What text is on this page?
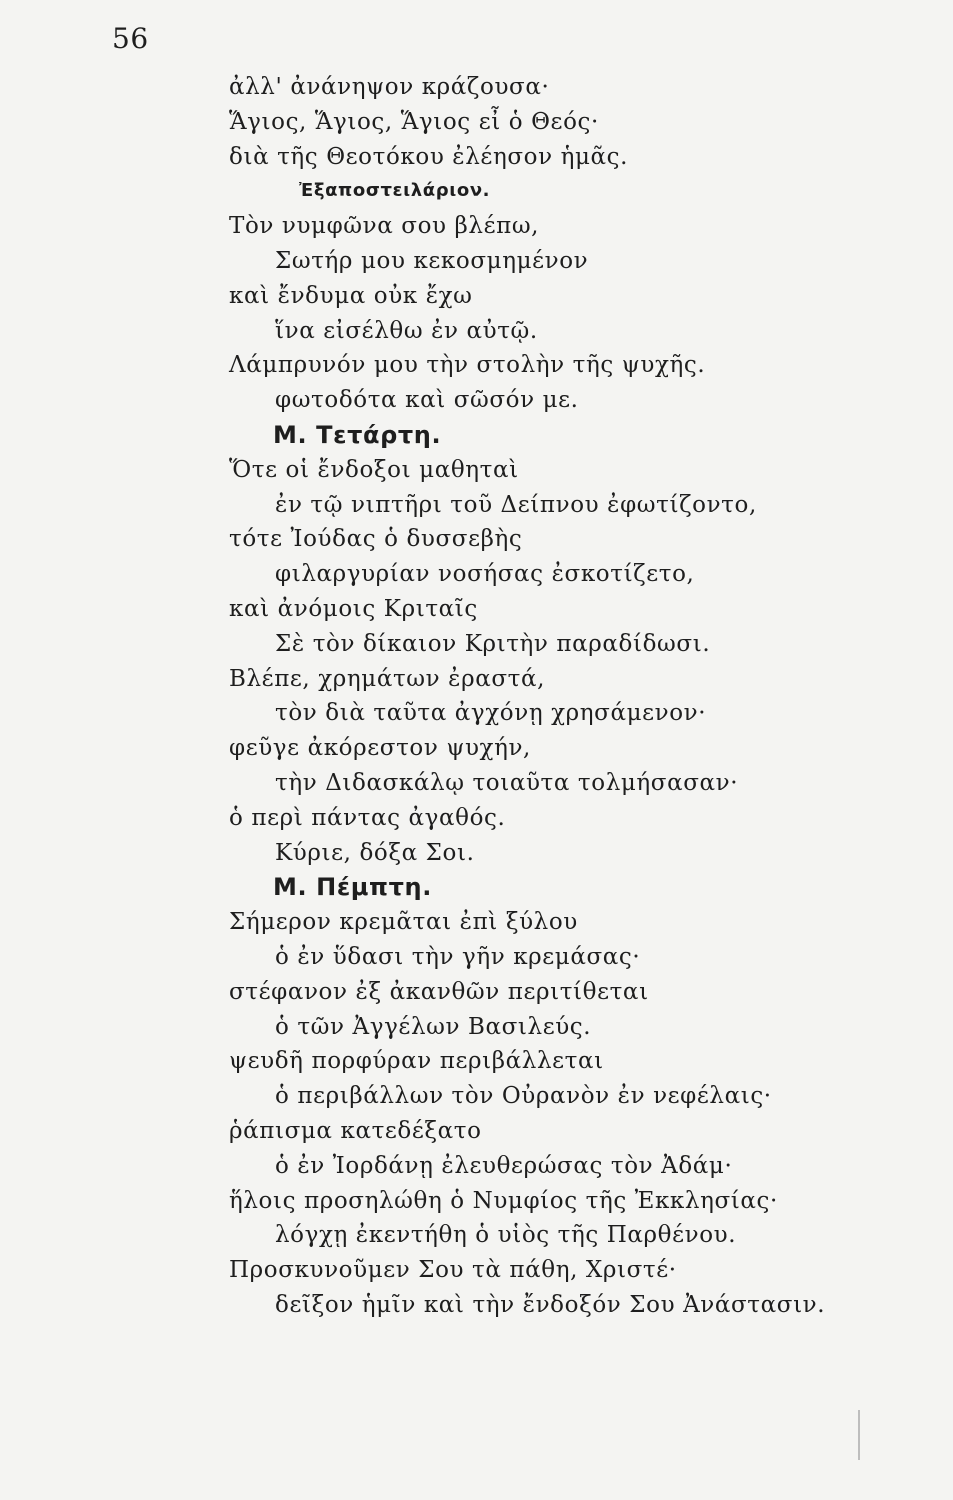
56
ἀλλ' ἀνάνηψον κράζουσα·
Ἅγιος, Ἅγιος, Ἅγιος εἶ ὁ Θεός·
διὰ τῆς Θεοτόκου ἐλέησον ἡμᾶς.
Ἐξαποστειλάριον.
Τὸν νυμφῶνα σου βλέπω,
Σωτήρ μου κεκοσμημένον
καὶ ἔνδυμα οὐκ ἔχω
ἵνα εἰσέλθω ἐν αὐτῷ.
Λάμπρυνόν μου τὴν στολὴν τῆς ψυχῆς.
φωτοδότα καὶ σῶσόν με.
Μ. Τετάρτη.
Ὅτε οἱ ἔνδοξοι μαθηταὶ
ἐν τῷ νιπτῆρι τοῦ Δείπνου ἐφωτίζοντο,
τότε Ἰούδας ὁ δυσσεβὴς
φιλαργυρίαν νοσήσας ἐσκοτίζετο,
καὶ ἀνόμοις Κριταῖς
Σὲ τὸν δίκαιον Κριτὴν παραδίδωσι.
Βλέπε, χρημάτων ἐραστά,
τὸν διὰ ταῦτα ἀγχόνῃ χρησάμενον·
φεῦγε ἀκόρεστον ψυχήν,
τὴν Διδασκάλῳ τοιαῦτα τολμήσασαν·
ὁ περὶ πάντας ἀγαθός.
Κύριε, δόξα Σοι.
Μ. Πέμπτη.
Σήμερον κρεμᾶται ἐπὶ ξύλου
ὁ ἐν ὕδασι τὴν γῆν κρεμάσας·
στέφανον ἐξ ἀκανθῶν περιτίθεται
ὁ τῶν Ἀγγέλων Βασιλεύς.
ψευδῆ πορφύραν περιβάλλεται
ὁ περιβάλλων τὸν Οὐρανὸν ἐν νεφέλαις·
ῥάπισμα κατεδέξατο
ὁ ἐν Ἰορδάνῃ ἐλευθερώσας τὸν Ἀδάμ·
ἥλοις προσηλώθη ὁ Νυμφίος τῆς Ἐκκλησίας·
λόγχῃ ἐκεντήθη ὁ υἱὸς τῆς Παρθένου.
Προσκυνοῦμεν Σου τὰ πάθη, Χριστέ·
δεῖξον ἡμῖν καὶ τὴν ἔνδοξόν Σου Ἀνάστασιν.
